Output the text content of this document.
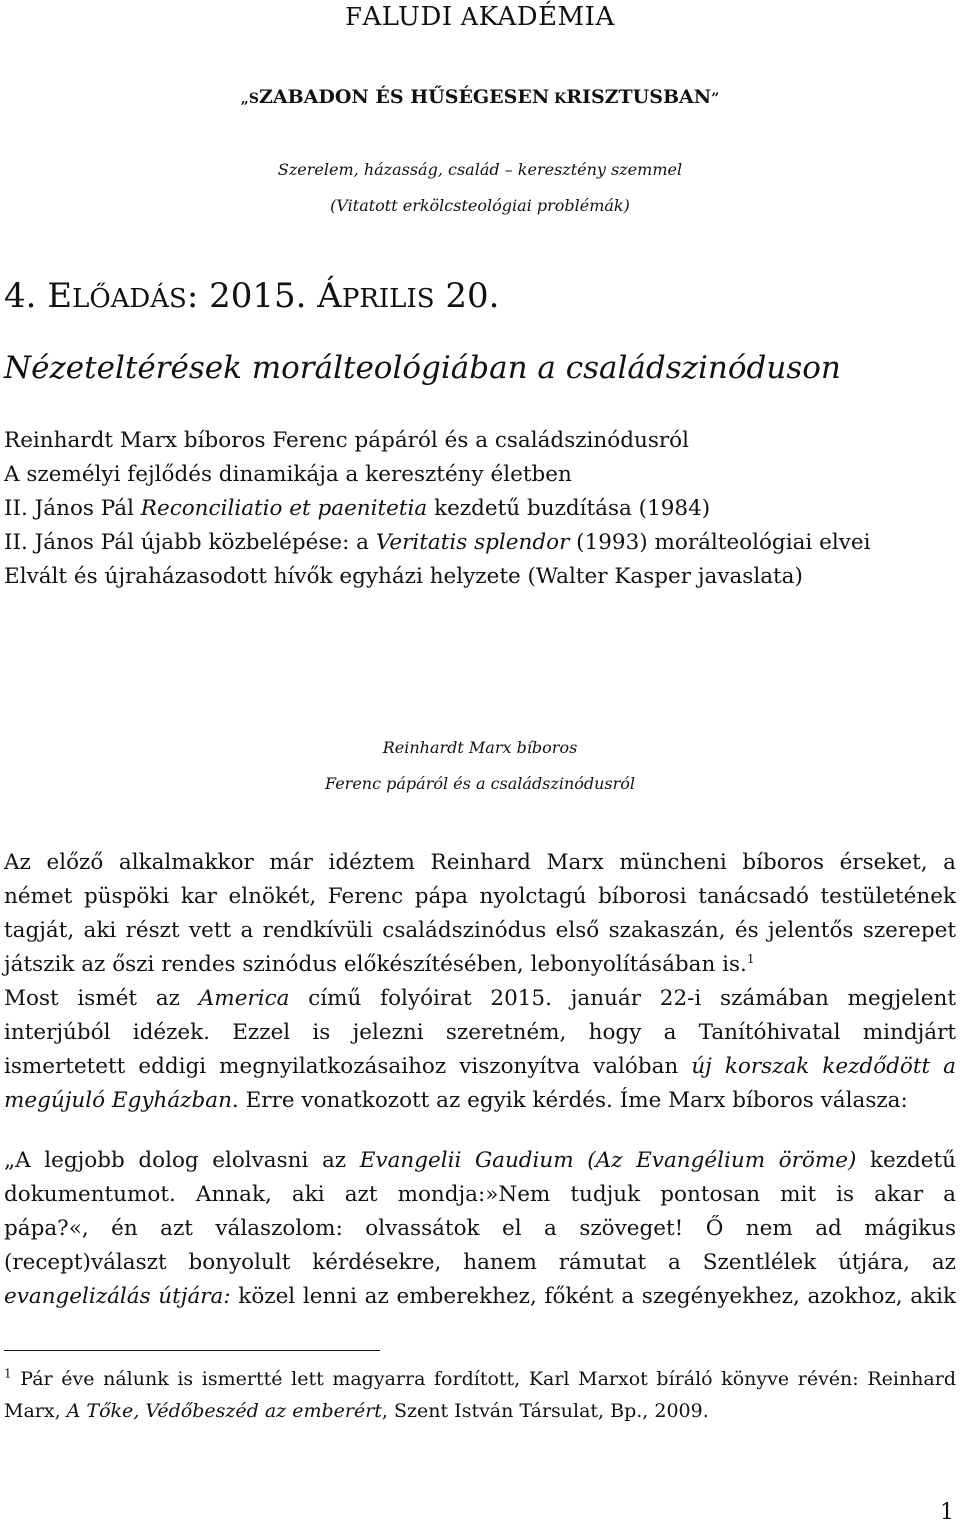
FALUDI AKADÉMIA
„SZABADON ÉS HŰSÉGESEN KRISZTUSBAN”
Szerelem, házasság, család – keresztény szemmel
(Vitatott erkölcsteológiai problémák)
4. ELŐADÁS: 2015. ÁPRILIS 20.
Nézeteltérések morálteológiában a családszinóduson
Reinhardt Marx bíboros Ferenc pápáról és a családszinódusról
A személyi fejlődés dinamikája a keresztény életben
II. János Pál Reconciliatio et paenitetia kezdetű buzdítása (1984)
II. János Pál újabb közbelépése: a Veritatis splendor (1993) morálteológiai elvei
Elvált és újraházasodott hívők egyházi helyzete (Walter Kasper javaslata)
Reinhardt Marx bíboros
Ferenc pápáról és a családszinódusról
Az előző alkalmakkor már idéztem Reinhard Marx müncheni bíboros érseket, a
német püspöki kar elnökét, Ferenc pápa nyolctagú bíborosi tanácsadó testületének
tagját, aki részt vett a rendkívüli családszinódus első szakaszán, és jelentős szerepet
játszik az őszi rendes szinódus előkészítésében, lebonyolításában is.$^1$
Most ismét az America című folyóirat 2015. január 22-i számában megjelent
interjúból idézek. Ezzel is jelezni szeretném, hogy a Tanítóhivatal mindjárt
ismertetett eddigi megnyilatkozásaihoz viszonyítva valóban új korszak kezdődött a
megújuló Egyházban. Erre vonatkozott az egyik kérdés. Íme Marx bíboros válasza:
„A legjobb dolog elolvasni az Evangelii Gaudium (Az Evangélium öröme) kezdetű
dokumentumot. Annak, aki azt mondja:»Nem tudjuk pontosan mit is akar a
pápa?«, én azt válaszolom: olvassátok el a szöveget! Ő nem ad mágikus
(recept)választ bonyolult kérdésekre, hanem rámutat a Szentlélek útjára, az
evangelizálás útjára: közel lenni az emberekhez, főként a szegényekhez, azokhoz, akik
$^1$ Pár éve nálunk is ismertté lett magyarra fordított, Karl Marxot bíráló könyve révén: Reinhard
Marx, A Tőke, Védőbeszéd az emberért, Szent István Társulat, Bp., 2009.
1
